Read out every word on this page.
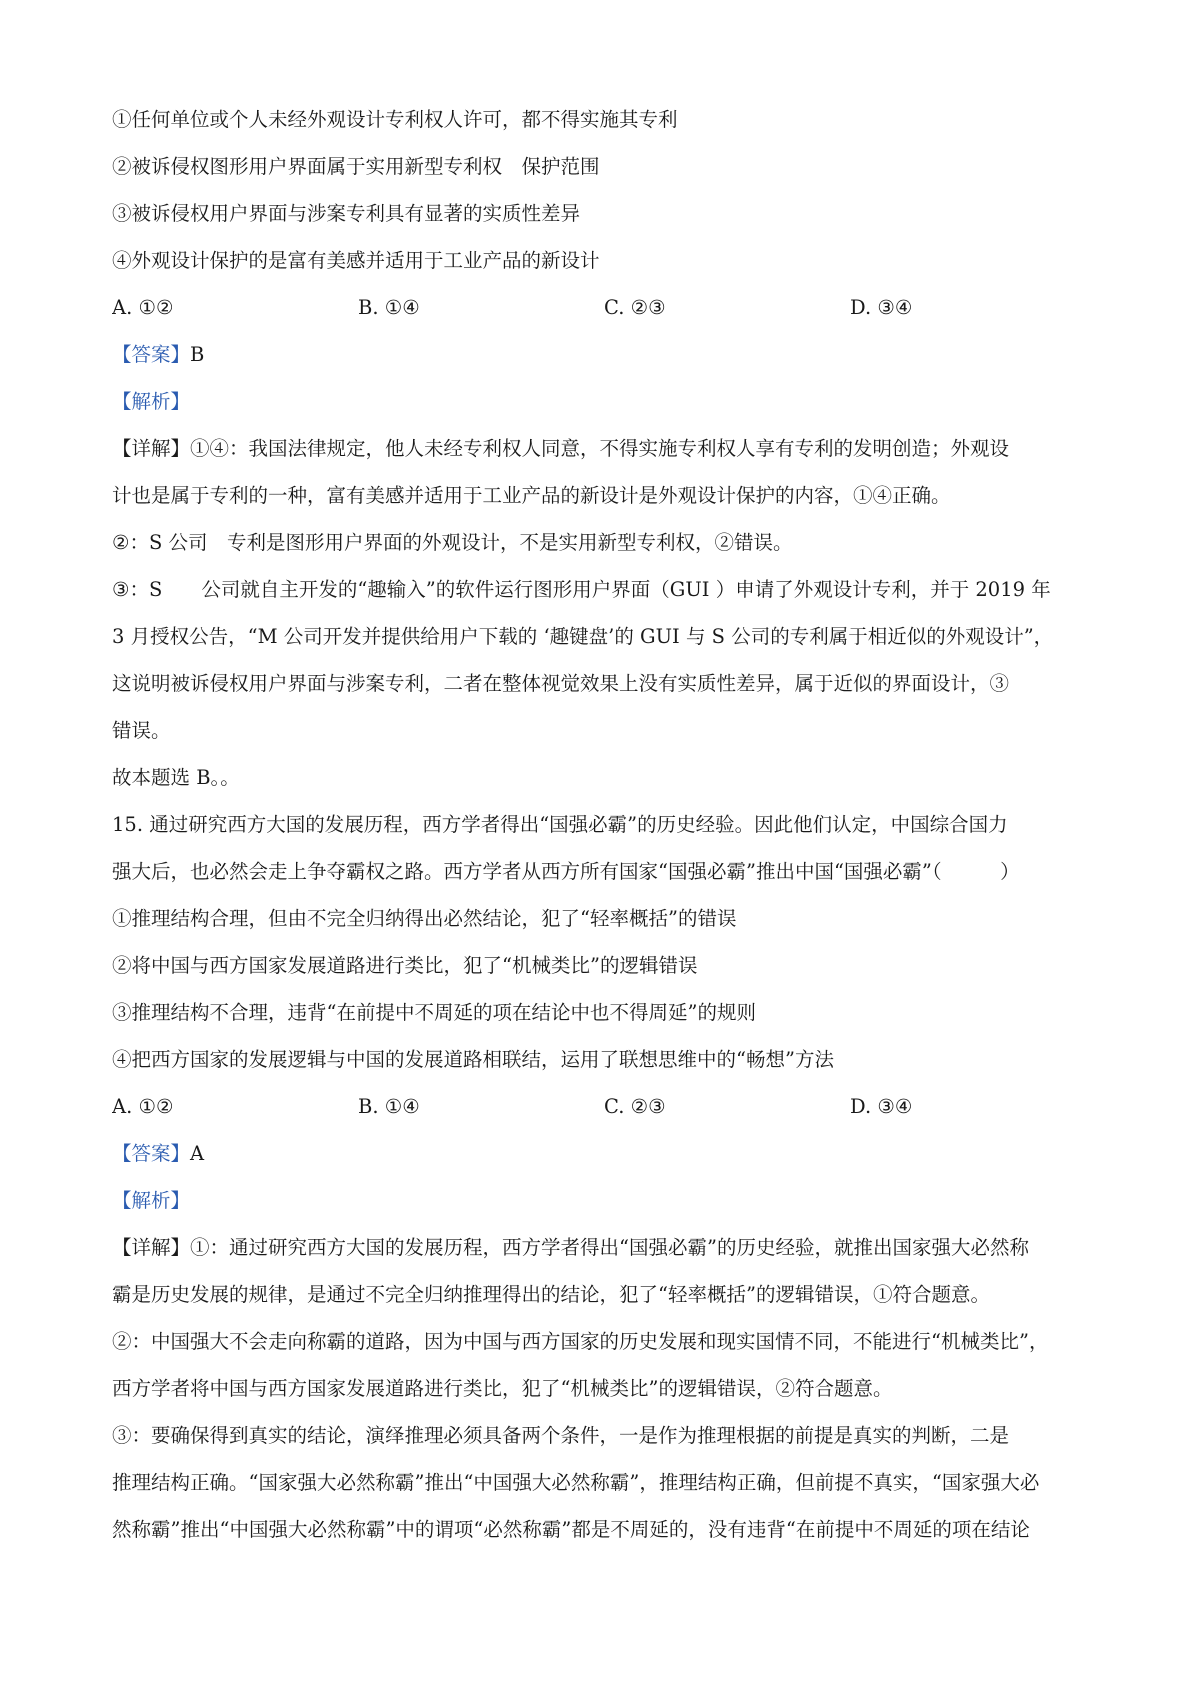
①任何单位或个人未经外观设计专利权人许可，都不得实施其专利
②被诉侵权图形用户界面属于实用新型专利权　保护范围
③被诉侵权用户界面与涉案专利具有显著的实质性差异
④外观设计保护的是富有美感并适用于工业产品的新设计
A. ①②	B. ①④	C. ②③	D. ③④
【答案】B
【解析】
【详解】①④：我国法律规定，他人未经专利权人同意，不得实施专利权人享有专利的发明创造；外观设
计也是属于专利的一种，富有美感并适用于工业产品的新设计是外观设计保护的内容，①④正确。
②：S 公司　专利是图形用户界面的外观设计，不是实用新型专利权，②错误。
③：S　　公司就自主开发的“趣输入”的软件运行图形用户界面（GUI ）申请了外观设计专利，并于 2019 年
3 月授权公告，“M 公司开发并提供给用户下载的 ‘趣键盘’的 GUI 与 S 公司的专利属于相近似的外观设计”，
这说明被诉侵权用户界面与涉案专利，二者在整体视觉效果上没有实质性差异，属于近似的界面设计，③
错误。
故本题选 B。。
15. 通过研究西方大国的发展历程，西方学者得出“国强必霸”的历史经验。因此他们认定，中国综合国力
强大后，也必然会走上争夺霸权之路。西方学者从西方所有国家“国强必霸”推出中国“国强必霸”（　　　）
①推理结构合理，但由不完全归纳得出必然结论，犯了“轻率概括”的错误
②将中国与西方国家发展道路进行类比，犯了“机械类比”的逻辑错误
③推理结构不合理，违背“在前提中不周延的项在结论中也不得周延”的规则
④把西方国家的发展逻辑与中国的发展道路相联结，运用了联想思维中的“畅想”方法
A. ①②	B. ①④	C. ②③	D. ③④
【答案】A
【解析】
【详解】①：通过研究西方大国的发展历程，西方学者得出“国强必霸”的历史经验，就推出国家强大必然称
霸是历史发展的规律，是通过不完全归纳推理得出的结论，犯了“轻率概括”的逻辑错误，①符合题意。
②：中国强大不会走向称霸的道路，因为中国与西方国家的历史发展和现实国情不同，不能进行“机械类比”，
西方学者将中国与西方国家发展道路进行类比，犯了“机械类比”的逻辑错误，②符合题意。
③：要确保得到真实的结论，演绎推理必须具备两个条件，一是作为推理根据的前提是真实的判断，二是
推理结构正确。“国家强大必然称霸”推出“中国强大必然称霸”，推理结构正确，但前提不真实，“国家强大必
然称霸”推出“中国强大必然称霸”中的谓项“必然称霸”都是不周延的，没有违背“在前提中不周延的项在结论
